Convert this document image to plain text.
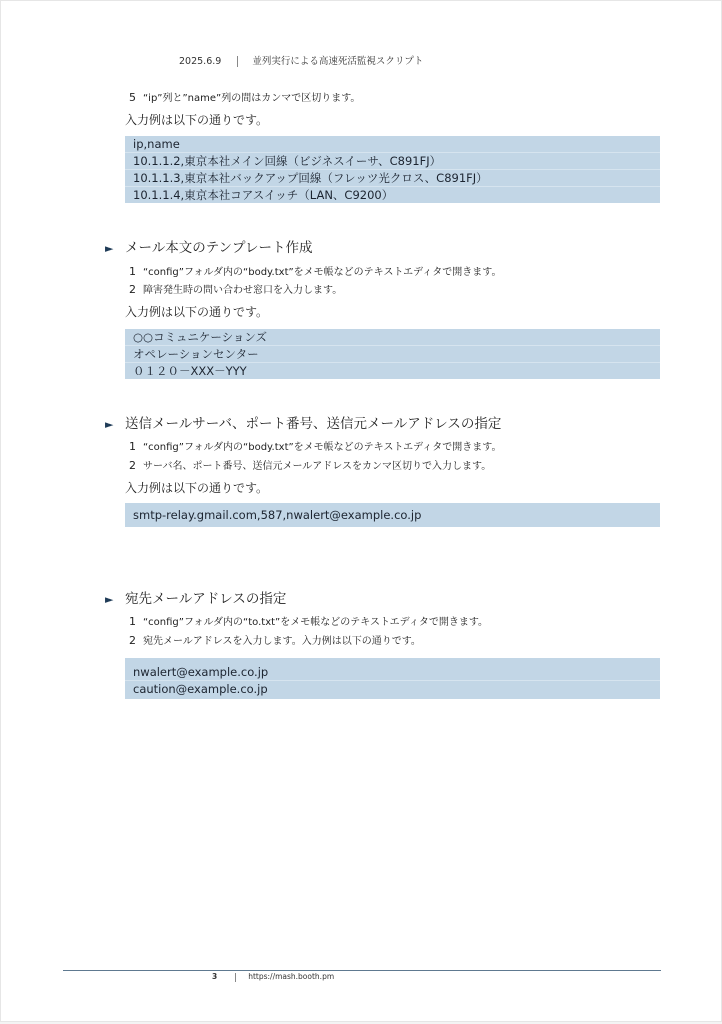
2025.6.9	並列実行による高速死活監視スクリプト
5 “ip”列と”name”列の間はカンマで区切ります。
入力例は以下の通りです。
ip,name
10.1.1.2,東京本社メイン回線（ビジネスイーサ、C891FJ）
10.1.1.3,東京本社バックアップ回線（フレッツ光クロス、C891FJ）
10.1.1.4,東京本社コアスイッチ（LAN、C9200）
► メール本文のテンプレート作成
1 “config”フォルダ内の“body.txt”をメモ帳などのテキストエディタで開きます。
2 障害発生時の問い合わせ窓口を入力します。
入力例は以下の通りです。
○○コミュニケーションズ
オペレーションセンター
０１２０－XXX－YYY
► 送信メールサーバ、ポート番号、送信元メールアドレスの指定
1 “config”フォルダ内の“body.txt”をメモ帳などのテキストエディタで開きます。
2 サーバ名、ポート番号、送信元メールアドレスをカンマ区切りで入力します。
入力例は以下の通りです。
smtp-relay.gmail.com,587,nwalert@example.co.jp
► 宛先メールアドレスの指定
1 “config”フォルダ内の“to.txt”をメモ帳などのテキストエディタで開きます。
2 宛先メールアドレスを入力します。入力例は以下の通りです。
nwalert@example.co.jp
caution@example.co.jp
3	https://mash.booth.pm
